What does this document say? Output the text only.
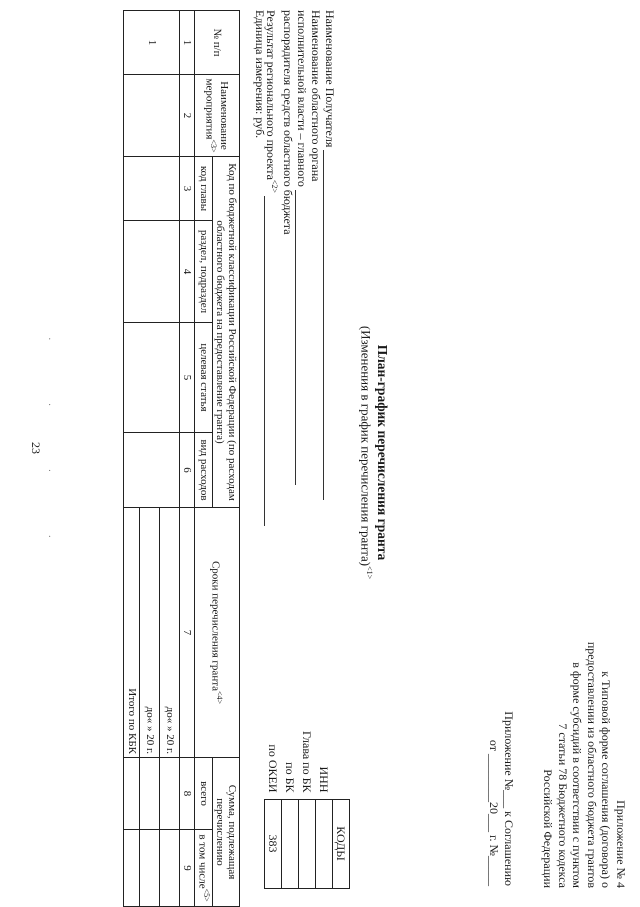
23
Приложение № 4
к Типовой форме соглашения (договора) о
предоставлении из областного бюджета грантов
в форме субсидий в соответствии с пунктом
7 статьи 78 Бюджетного кодекса
Российской Федерации
Приложение №___ к Соглашению
от ________20___ г. №_____
План-график перечисления гранта
(Изменения в график перечисления гранта)$^{<1>}$
Наименование Получателя
Наименование областного органа
исполнительной власти – главного
распорядителя средств областного бюджета
Результат регионального проекта$^{<2>}$
Единица измерения: руб.
	КОДЫ
ИНН	
Глава по БК	
по БК	
по ОКЕИ	383
№ п/п	Наименование мероприятия$^{<3>}$	Код по бюджетной классификации Российской Федерации (по расходам областного бюджета на предоставление гранта)				Сроки перечисления гранта$^{<4>}$	Сумма, подлежащая перечислению	
		код главы	раздел, подраздел	целевая статья	вид расходов		всего	в том числе$^{<5>}$
1	2	3	4	5	6	7	8	9
1						до« » 20 г.		
						до« » 20 г.		
						Итого по КБК		
· · · ·
